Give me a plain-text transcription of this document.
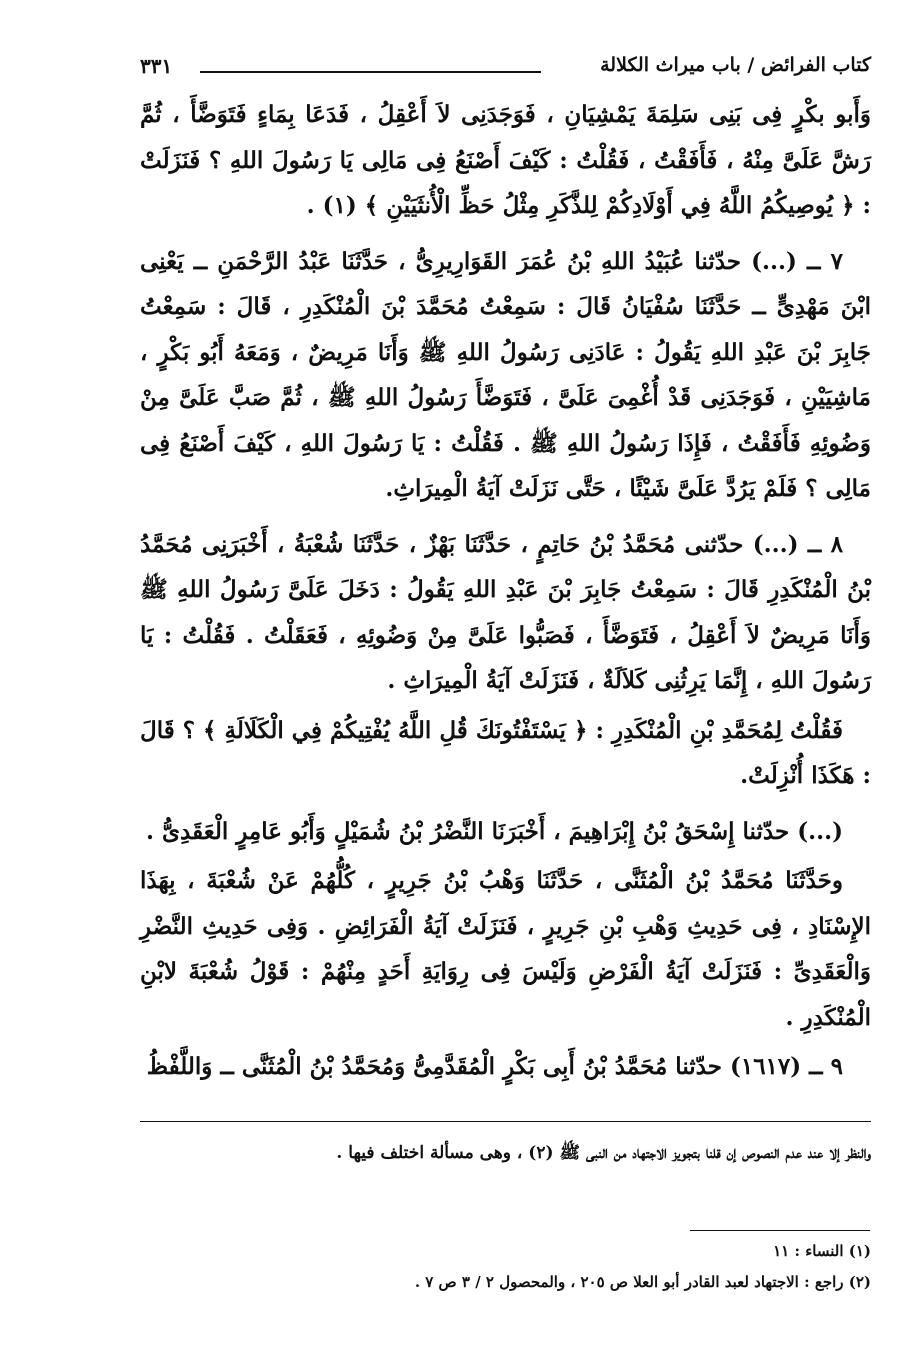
كتاب الفرائض / باب ميراث الكلالة
٣٣١

وَأَبو بكْرٍ فِى بَنِى سَلِمَةَ يَمْشِيَانِ ، فَوَجَدَنِى لاَ أَعْقِلُ ، فَدَعَا بِمَاءٍ فَتَوَضَّأَ ، ثُمَّ رَشَّ عَلَىَّ مِنْهُ ، فَأَفَقْتُ ، فَقُلْتُ : كَيْفَ أَصْنَعُ فِى مَالِى يَا رَسُولَ اللهِ ؟ فَنَزَلَتْ : ﴿ يُوصِيكُمُ اللَّهُ فِي أَوْلَادِكُمْ لِلذَّكَرِ مِثْلُ حَظِّ الْأُنثَيَيْنِ ﴾ (١) .

٧ ــ (...) حدّثنا عُبَيْدُ اللهِ بْنُ عُمَرَ القَوَارِيرِىُّ ، حَدَّثَنَا عَبْدُ الرَّحْمَنِ ــ يَعْنِى ابْنَ مَهْدِىٍّ ــ حَدَّثَنَا سُفْيَانُ قَالَ : سَمِعْتُ مُحَمَّدَ بْنَ الْمُنْكَدِرِ ، قَالَ : سَمِعْتُ جَابِرَ بْنَ عَبْدِ اللهِ يَقُولُ : عَادَنِى رَسُولُ اللهِ ﷺ وَأَنَا مَرِيضٌ ، وَمَعَهُ أَبُو بَكْرٍ ، مَاشِيَيْنِ ، فَوَجَدَنِى قَدْ أُغْمِىَ عَلَىَّ ، فَتَوَضَّأَ رَسُولُ اللهِ ﷺ ، ثُمَّ صَبَّ عَلَىَّ مِنْ وَضُوئِهِ فَأَفَقْتُ ، فَإِذَا رَسُولُ اللهِ ﷺ . فَقُلْتُ : يَا رَسُولَ اللهِ ، كَيْفَ أَصْنَعُ فِى مَالِى ؟ فَلَمْ يَرُدَّ عَلَىَّ شَيْئًا ، حَتَّى نَزَلَتْ آيَةُ الْمِيرَاثِ.

٨ ــ (...) حدّثنى مُحَمَّدُ بْنُ حَاتِمٍ ، حَدَّثَنَا بَهْزٌ ، حَدَّثَنَا شُعْبَةُ ، أَخْبَرَنِى مُحَمَّدُ بْنُ الْمُنْكَدِرِ قَالَ : سَمِعْتُ جَابِرَ بْنَ عَبْدِ اللهِ يَقُولُ : دَخَلَ عَلَىَّ رَسُولُ اللهِ ﷺ وَأَنَا مَرِيضٌ لاَ أَعْقِلُ ، فَتَوَضَّأَ ، فَصَبُّوا عَلَىَّ مِنْ وَضُوئِهِ ، فَعَقَلْتُ . فَقُلْتُ : يَا رَسُولَ اللهِ ، إِنَّمَا يَرِثُنِى كَلاَلَةٌ ، فَنَزَلَتْ آيَةُ الْمِيرَاثِ .

فَقُلْتُ لِمُحَمَّدِ بْنِ الْمُنْكَدِرِ : ﴿ يَسْتَفْتُونَكَ قُلِ اللَّهُ يُفْتِيكُمْ فِي الْكَلَالَةِ ﴾ ؟ قَالَ : هَكَذَا أُنْزِلَتْ.

(...) حدّثنا إِسْحَقُ بْنُ إِبْرَاهِيمَ ، أَخْبَرَنَا النَّضْرُ بْنُ شُمَيْلٍ وَأَبُو عَامِرٍ الْعَقَدِىُّ .

وحَدَّثَنَا مُحَمَّدُ بْنُ الْمُثَنَّى ، حَدَّثَنَا وَهْبُ بْنُ جَرِيرٍ ، كُلُّهُمْ عَنْ شُعْبَةَ ، بِهَذَا الإِسْنَادِ ، فِى حَدِيثِ وَهْبِ بْنِ جَرِيرٍ ، فَنَزَلَتْ آيَةُ الْفَرَائِضِ . وَفِى حَدِيثِ النَّضْرِ وَالْعَقَدِىِّ : فَنَزَلَتْ آيَةُ الْفَرْضِ وَلَيْسَ فِى رِوَايَةِ أَحَدٍ مِنْهُمْ : قَوْلُ شُعْبَةَ لابْنِ الْمُنْكَدِرِ .

٩ ــ (١٦١٧) حدّثنا مُحَمَّدُ بْنُ أَبِى بَكْرٍ الْمُقَدَّمِىُّ وَمُحَمَّدُ بْنُ الْمُثَنَّى ــ وَاللَّفْظُ

والنظر إلا عند عدم النصوص إن قلنا بتجويز الاجتهاد من النبى ﷺ (٢) ، وهى مسألة اختلف فيها .
(١) النساء : ١١
(٢) راجع : الاجتهاد لعبد القادر أبو العلا ص ٢٠٥ ، والمحصول ٢ / ٣ ص ٧ .
